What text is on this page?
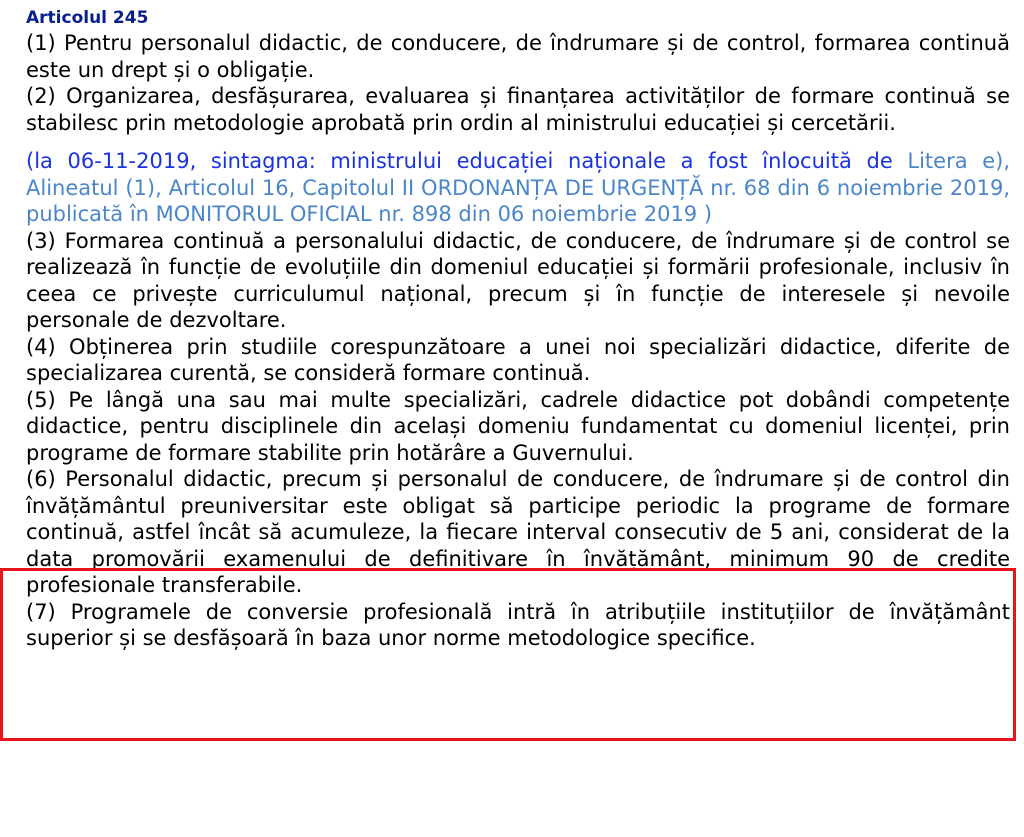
Articolul 245

(1) Pentru personalul didactic, de conducere, de îndrumare și de control, formarea continuă este un drept și o obligație.

(2) Organizarea, desfășurarea, evaluarea și finanțarea activităților de formare continuă se stabilesc prin metodologie aprobată prin ordin al ministrului educației și cercetării.

(la 06-11-2019, sintagma: ministrului educației naționale a fost înlocuită de Litera e), Alineatul (1), Articolul 16, Capitolul II ORDONANȚA DE URGENȚĂ nr. 68 din 6 noiembrie 2019, publicată în MONITORUL OFICIAL nr. 898 din 06 noiembrie 2019 )

(3) Formarea continuă a personalului didactic, de conducere, de îndrumare și de control se realizează în funcție de evoluțiile din domeniul educației și formării profesionale, inclusiv în ceea ce privește curriculumul național, precum și în funcție de interesele și nevoile personale de dezvoltare.

(4) Obținerea prin studiile corespunzătoare a unei noi specializări didactice, diferite de specializarea curentă, se consideră formare continuă.

(5) Pe lângă una sau mai multe specializări, cadrele didactice pot dobândi competențe didactice, pentru disciplinele din același domeniu fundamentat cu domeniul licenței, prin programe de formare stabilite prin hotărâre a Guvernului.

(6) Personalul didactic, precum și personalul de conducere, de îndrumare și de control din învățământul preuniversitar este obligat să participe periodic la programe de formare continuă, astfel încât să acumuleze, la fiecare interval consecutiv de 5 ani, considerat de la data promovării examenului de definitivare în învățământ, minimum 90 de credite profesionale transferabile.

(7) Programele de conversie profesională intră în atribuțiile instituțiilor de învățământ superior și se desfășoară în baza unor norme metodologice specifice.
